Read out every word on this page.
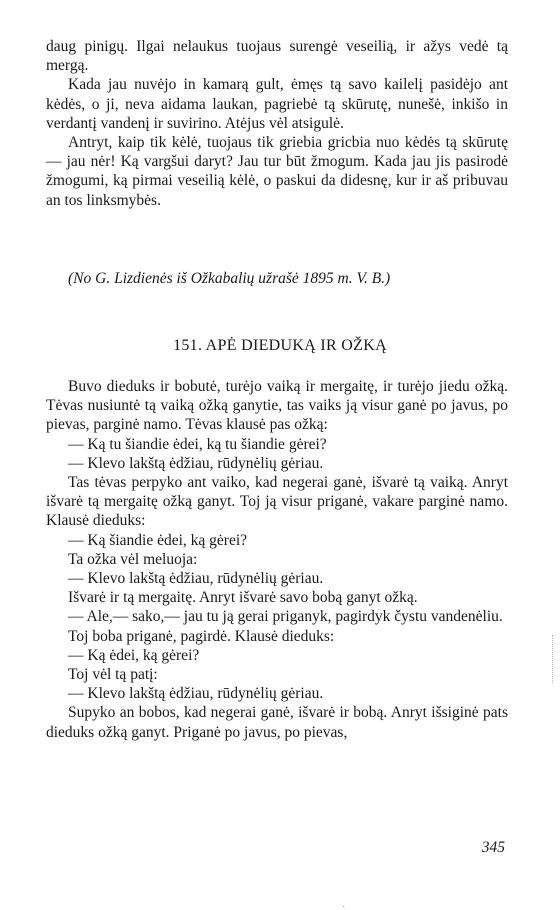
daug pinigų. Ilgai nelaukus tuojaus surengė veseilią, ir ažys vedė tą mergą.

Kada jau nuvėjo in kamarą gult, ėmęs tą savo kailelį pasidėjo ant kėdės, o ji, neva aidama laukan, pagriebė tą skūrutę, nunešė, inkišo in verdantį vandenį ir suvirino. Atėjus vėl atsigulė.

Antryt, kaip tik kėlė, tuojaus tik griebia gricbia nuo kėdės tą skūrutę — jau nėr! Ką vargšui daryt? Jau tur būt žmogum. Kada jau jis pasirodė žmogumi, ką pirmai veseilią kėlė, o paskui da didesnę, kur ir aš pribuvau an tos linksmybės.

(No G. Lizdienės iš Ožkabalių užrašė 1895 m. V. B.)
151. APĖ DIEDUKĄ IR OŽKĄ

Buvo dieduks ir bobutė, turėjo vaiką ir mergaitę, ir turėjo jiedu ožką. Tėvas nusiuntė tą vaiką ožką ganytie, tas vaiks ją visur ganė po javus, po pievas, parginė namo. Tėvas klausė pas ožką:

— Ką tu šiandie ėdei, ką tu šiandie gėrei?

— Klevo lakštą ėdžiau, rūdynėlių gėriau.

Tas tėvas perpyko ant vaiko, kad negerai ganė, išvarė tą vaiką. Anryt išvarė tą mergaitę ožką ganyt. Toj ją visur priganė, vakare parginė namo. Klausė dieduks:

— Ką šiandie ėdei, ką gėrei?

Ta ožka vėl meluoja:

— Klevo lakštą ėdžiau, rūdynėlių gėriau.

Išvarė ir tą mergaitę. Anryt išvarė savo bobą ganyt ožką.

— Ale,— sako,— jau tu ją gerai priganyk, pagirdyk čystu vandenėliu.

Toj boba priganė, pagirdė. Klausė dieduks:

— Ką ėdei, ką gėrei?

Toj vėl tą patį:

— Klevo lakštą ėdžiau, rūdynėlių gėriau.

Supyko an bobos, kad negerai ganė, išvarė ir bobą. Anryt išsiginė pats dieduks ožką ganyt. Priganė po javus, po pievas,

345
ˏ
